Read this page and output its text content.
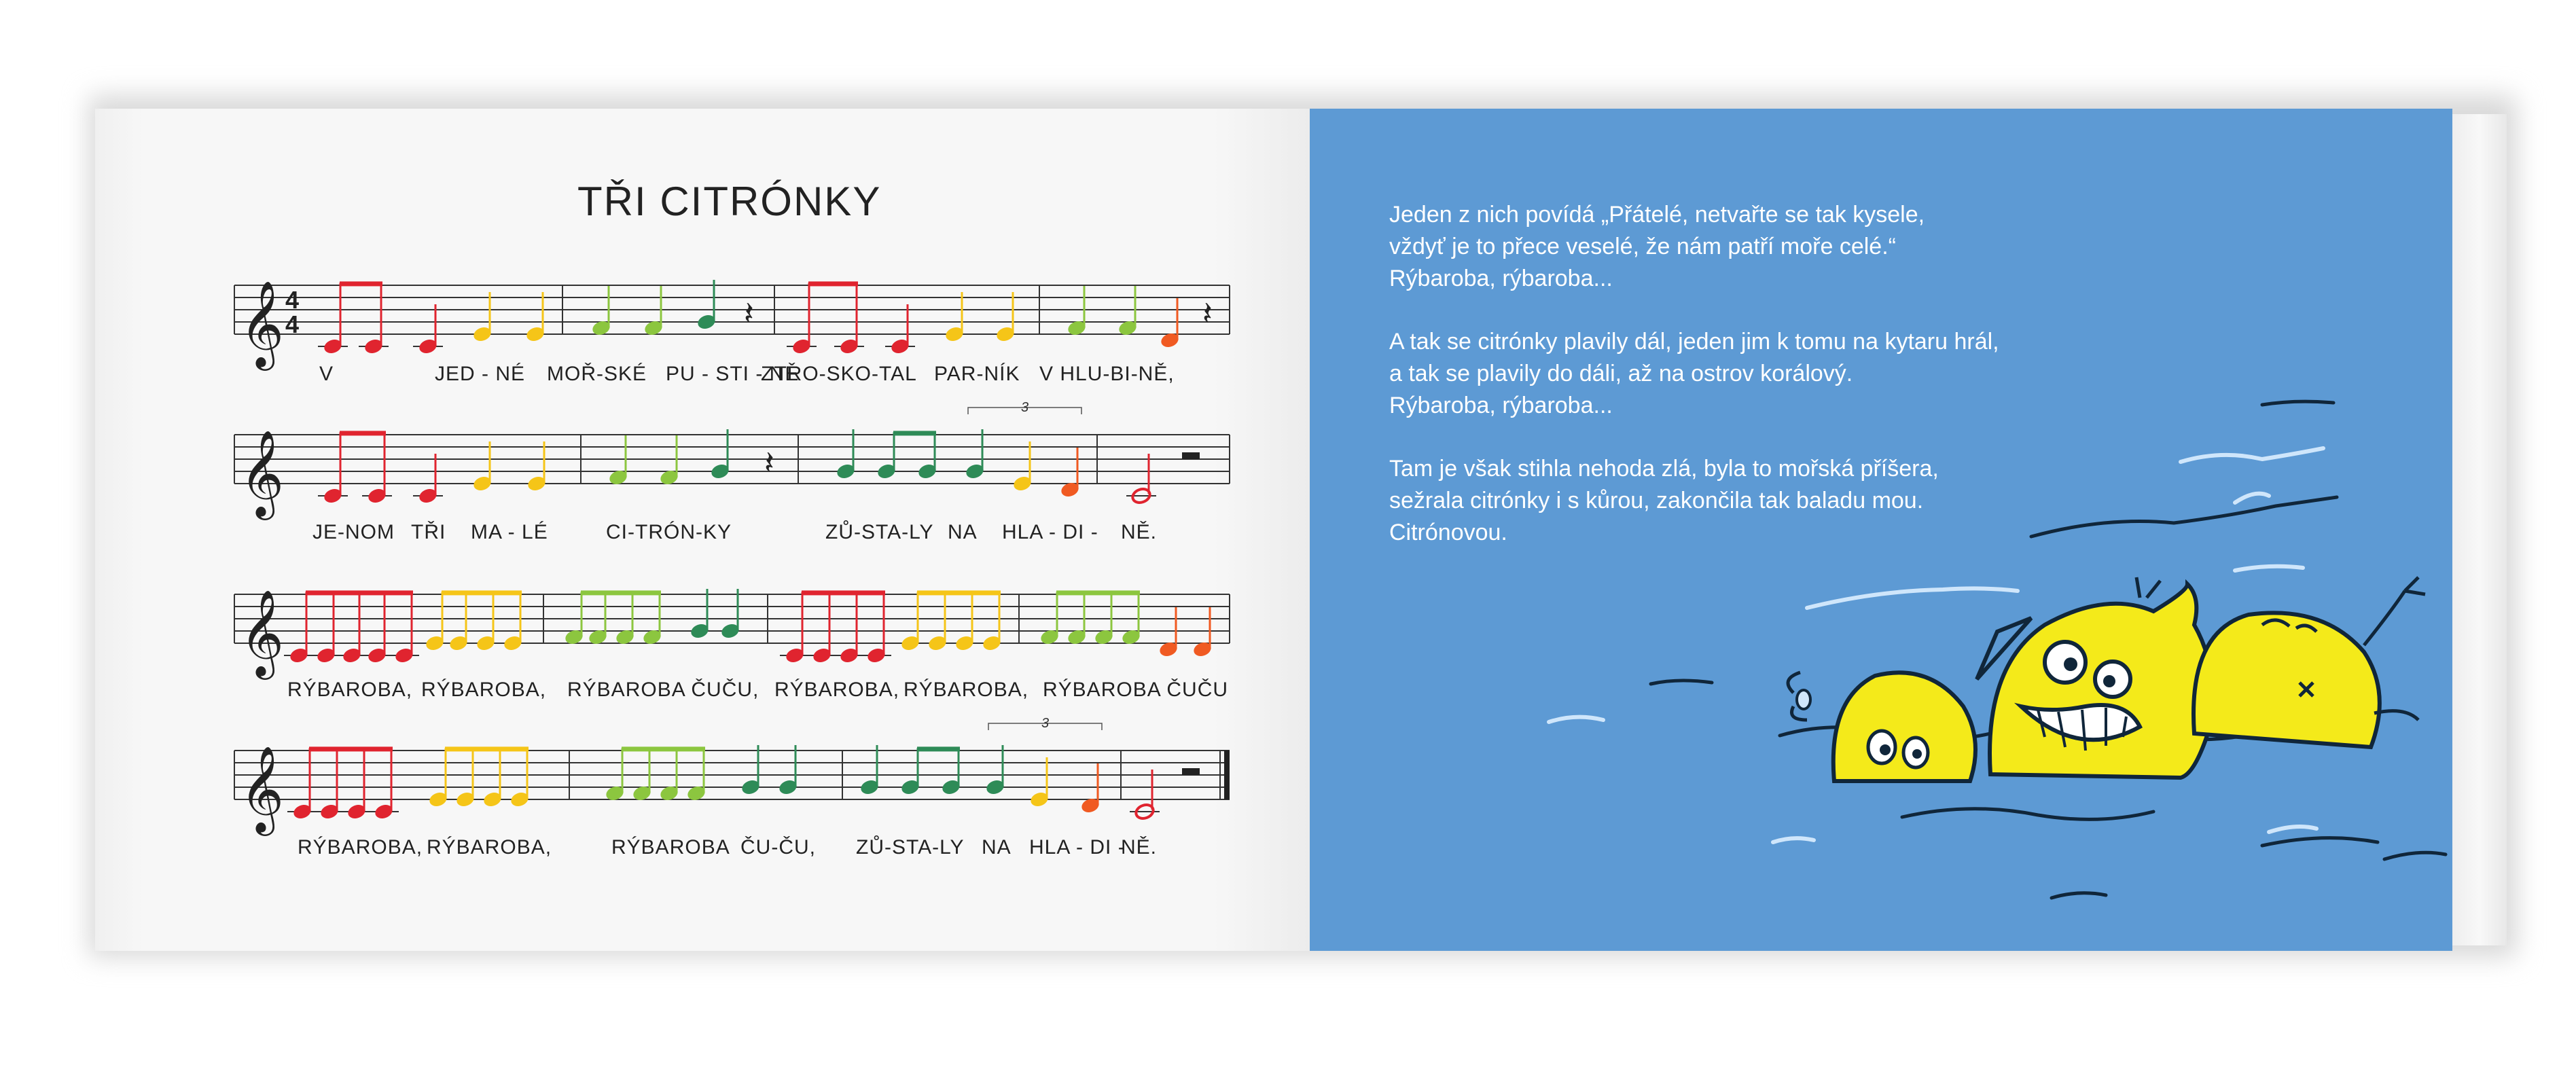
TŘI CITRÓNKY
𝄞 4
4	𝄽	𝄽
V	JED - NÉ MOŘ-SKÉ PU - STI - NĚ
ZTRO-SKO-TAL PAR-NÍK V HLU-BI-NĚ,
𝄞	𝄽
3
JE-NOM TŘI MA - LÉ	CI-TRÓN-KY	ZŮ-STA-LY NA HLA - DI - NĚ.
𝄞
RÝBAROBA, RÝBAROBA, RÝBAROBA ČUČU, RÝBAROBA, RÝBAROBA, RÝBAROBA ČUČU
𝄞
3
RÝBAROBA, RÝBAROBA,	RÝBAROBA ČU-ČU, ZŮ-STA-LY NA HLA - DI -
NĚ.
Jeden z nich povídá „Přátelé, netvařte se tak kysele,
vždyť je to přece veselé, že nám patří moře celé.“
Rýbaroba, rýbaroba...
A tak se citrónky plavily dál, jeden jim k tomu na kytaru hrál,
a tak se plavily do dáli, až na ostrov korálový.
Rýbaroba, rýbaroba...
Tam je však stihla nehoda zlá, byla to mořská příšera,
sežrala citrónky i s kůrou, zakončila tak baladu mou.
Citrónovou.
